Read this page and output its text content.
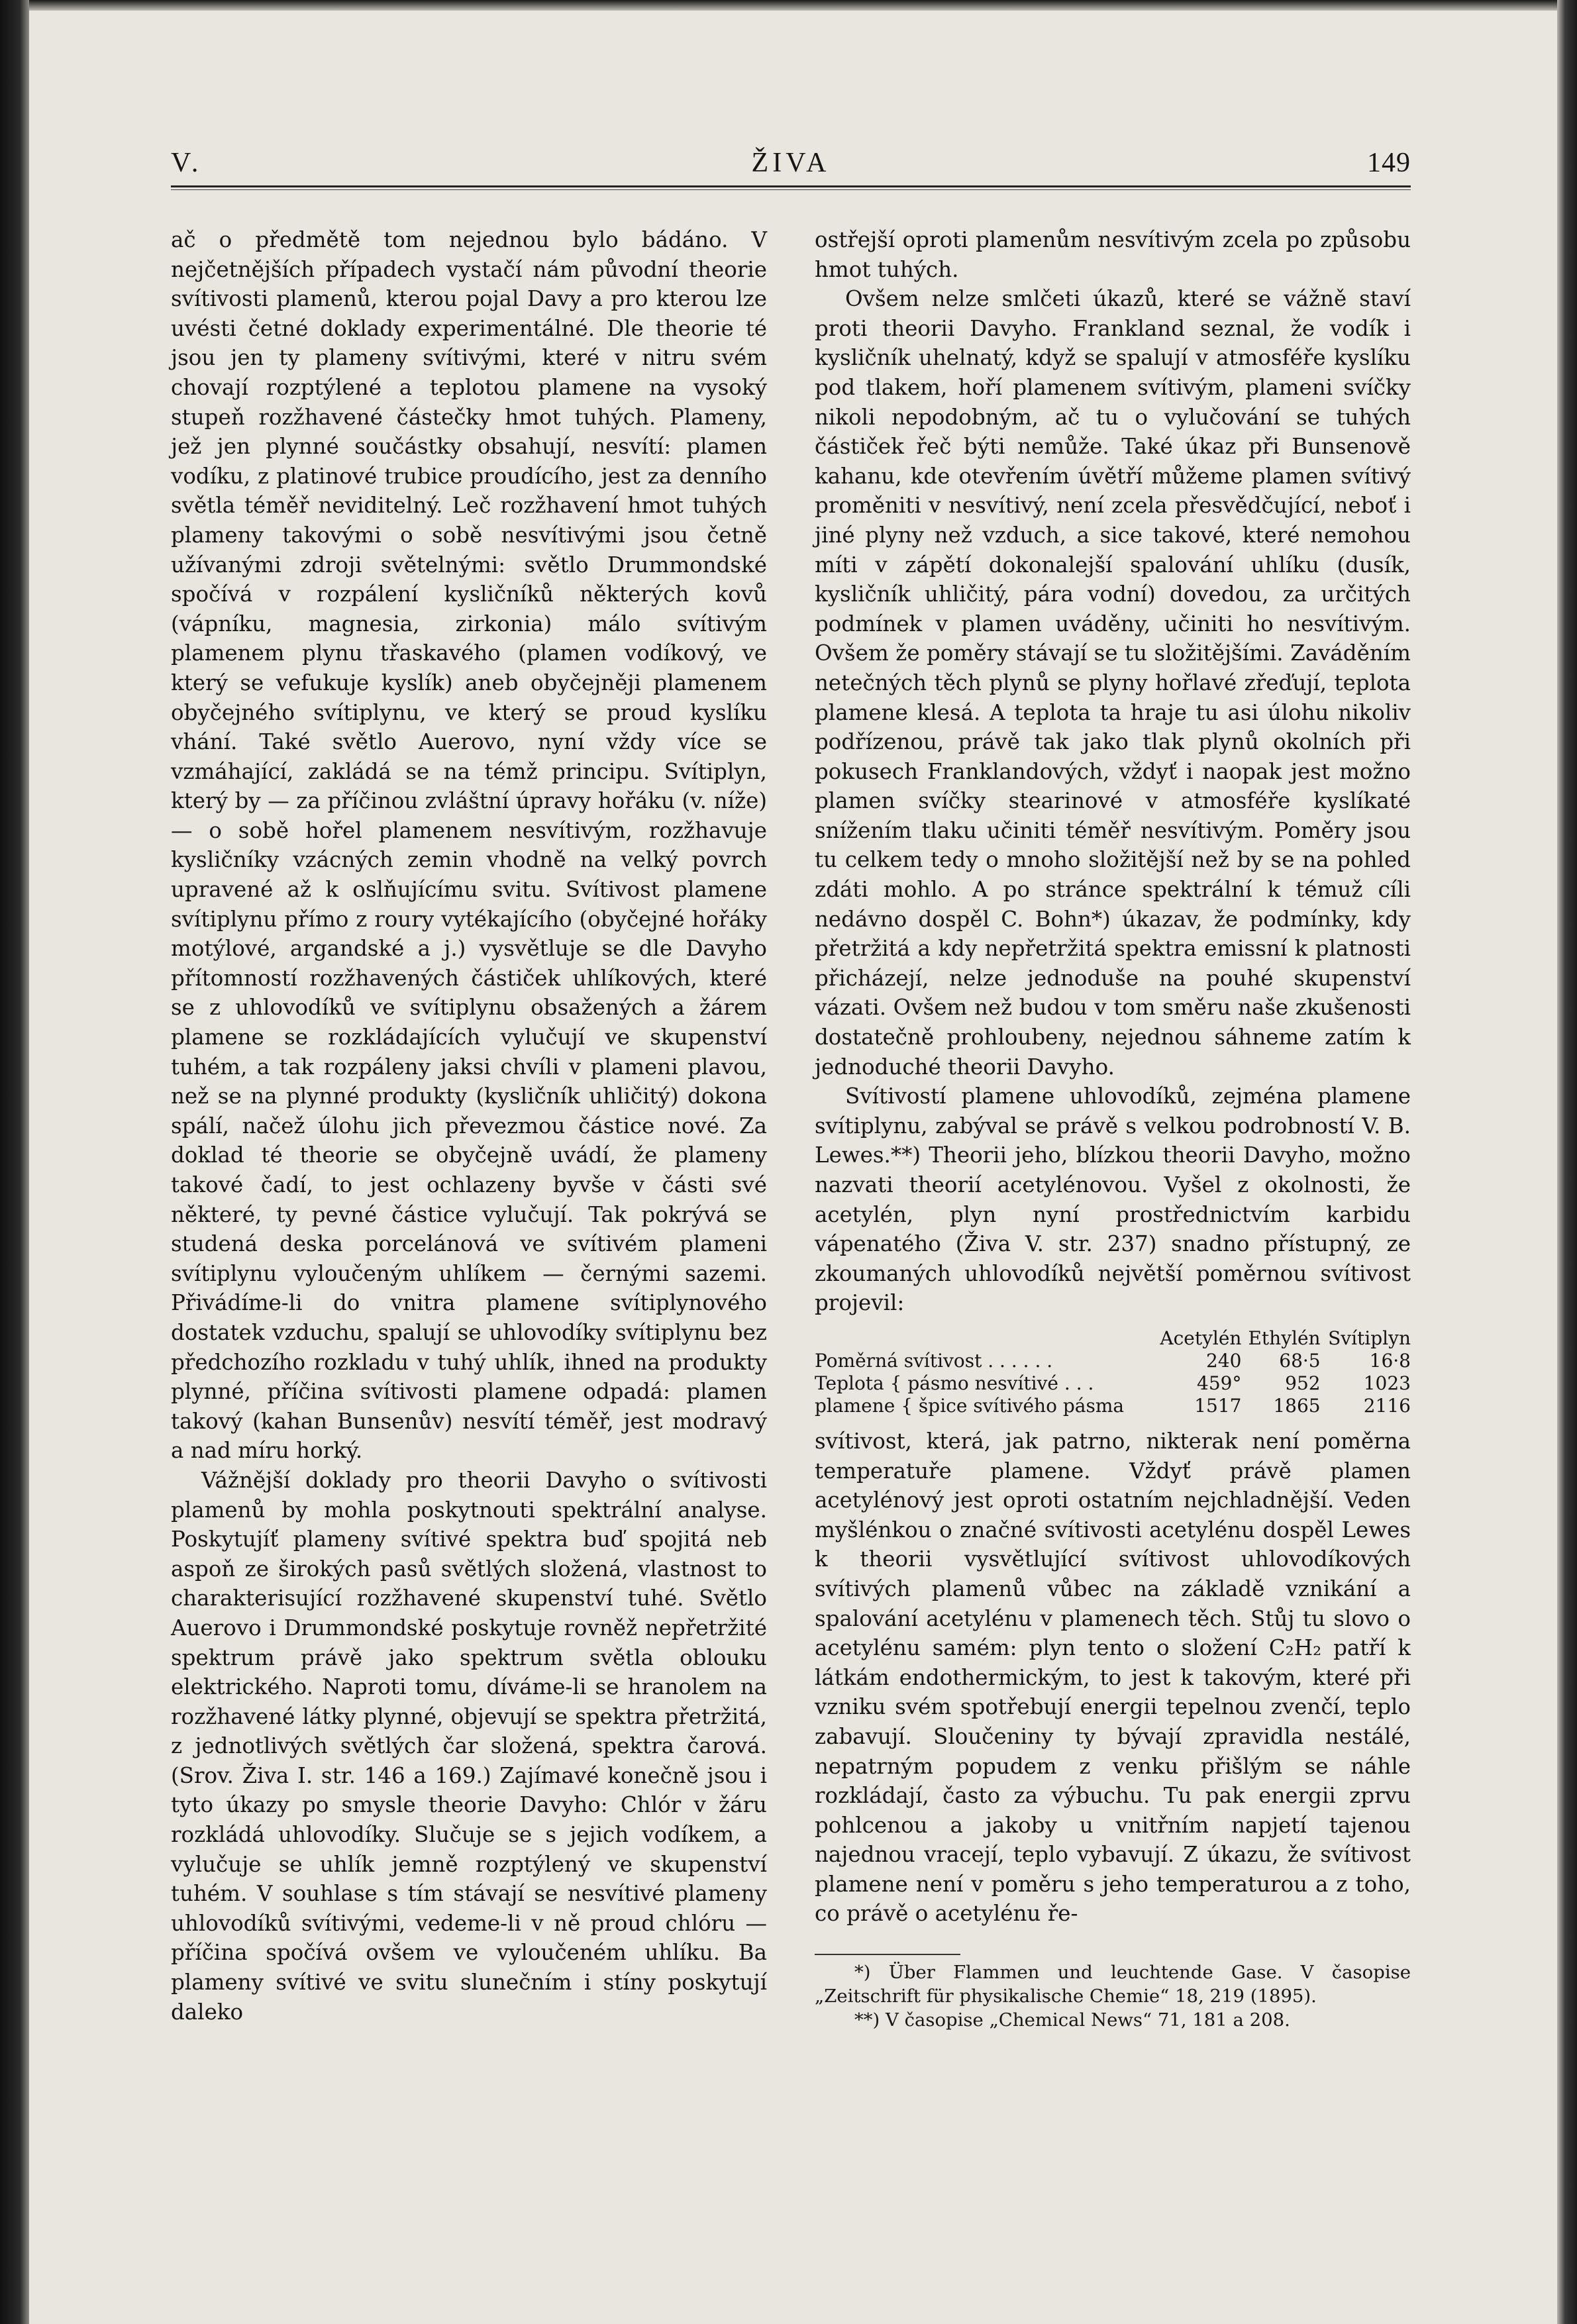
V.	ŽIVA	149

ač o předmětě tom nejednou bylo bádáno. V nejčetnějších případech vystačí nám původní theorie svítivosti plamenů, kterou pojal Davy a pro kterou lze uvésti četné doklady experimentálné. Dle theorie té jsou jen ty plameny svítivými, které v nitru svém chovají rozptýlené a teplotou plamene na vysoký stupeň rozžhavené částečky hmot tuhých. Plameny, jež jen plynné součástky obsahují, nesvítí: plamen vodíku, z platinové trubice proudícího, jest za denního světla téměř neviditelný. Leč rozžhavení hmot tuhých plameny takovými o sobě nesvítivými jsou četně užívanými zdroji světelnými: světlo Drummondské spočívá v rozpálení kysličníků některých kovů (vápníku, magnesia, zirkonia) málo svítivým plamenem plynu třaskavého (plamen vodíkový, ve který se vefukuje kyslík) aneb obyčejněji plamenem obyčejného svítiplynu, ve který se proud kyslíku vhání. Také světlo Auerovo, nyní vždy více se vzmáhající, zakládá se na témž principu. Svítiplyn, který by — za příčinou zvláštní úpravy hořáku (v. níže) — o sobě hořel plamenem nesvítivým, rozžhavuje kysličníky vzácných zemin vhodně na velký povrch upravené až k oslňujícímu svitu. Svítivost plamene svítiplynu přímo z roury vytékajícího (obyčejné hořáky motýlové, argandské a j.) vysvětluje se dle Davyho přítomností rozžhavených částiček uhlíkových, které se z uhlovodíků ve svítiplynu obsažených a žárem plamene se rozkládajících vylučují ve skupenství tuhém, a tak rozpáleny jaksi chvíli v plameni plavou, než se na plynné produkty (kysličník uhličitý) dokona spálí, načež úlohu jich převezmou částice nové. Za doklad té theorie se obyčejně uvádí, že plameny takové čadí, to jest ochlazeny byvše v části své některé, ty pevné částice vylučují. Tak pokrývá se studená deska porcelánová ve svítivém plameni svítiplynu vyloučeným uhlíkem — černými sazemi. Přivádíme-li do vnitra plamene svítiplynového dostatek vzduchu, spalují se uhlovodíky svítiplynu bez předchozího rozkladu v tuhý uhlík, ihned na produkty plynné, příčina svítivosti plamene odpadá: plamen takový (kahan Bunsenův) nesvítí téměř, jest modravý a nad míru horký.

Vážnější doklady pro theorii Davyho o svítivosti plamenů by mohla poskytnouti spektrální analyse. Poskytujíť plameny svítivé spektra buď spojitá neb aspoň ze širokých pasů světlých složená, vlastnost to charakterisující rozžhavené skupenství tuhé. Světlo Auerovo i Drummondské poskytuje rovněž nepřetržité spektrum právě jako spektrum světla oblouku elektrického. Naproti tomu, díváme-li se hranolem na rozžhavené látky plynné, objevují se spektra přetržitá, z jednotlivých světlých čar složená, spektra čarová. (Srov. Živa I. str. 146 a 169.) Zajímavé konečně jsou i tyto úkazy po smysle theorie Davyho: Chlór v žáru rozkládá uhlovodíky. Slučuje se s jejich vodíkem, a vylučuje se uhlík jemně rozptýlený ve skupenství tuhém. V souhlase s tím stávají se nesvítivé plameny uhlovodíků svítivými, vedeme-li v ně proud chlóru — příčina spočívá ovšem ve vyloučeném uhlíku. Ba plameny svítivé ve svitu slunečním i stíny poskytují daleko

ostřejší oproti plamenům nesvítivým zcela po způsobu hmot tuhých.

Ovšem nelze smlčeti úkazů, které se vážně staví proti theorii Davyho. Frankland seznal, že vodík i kysličník uhelnatý, když se spalují v atmosféře kyslíku pod tlakem, hoří plamenem svítivým, plameni svíčky nikoli nepodobným, ač tu o vylučování se tuhých částiček řeč býti nemůže. Také úkaz při Bunsenově kahanu, kde otevřením úvětří můžeme plamen svítivý proměniti v nesvítivý, není zcela přesvědčující, neboť i jiné plyny než vzduch, a sice takové, které nemohou míti v zápětí dokonalejší spalování uhlíku (dusík, kysličník uhličitý, pára vodní) dovedou, za určitých podmínek v plamen uváděny, učiniti ho nesvítivým. Ovšem že poměry stávají se tu složitějšími. Zaváděním netečných těch plynů se plyny hořlavé zřeďují, teplota plamene klesá. A teplota ta hraje tu asi úlohu nikoliv podřízenou, právě tak jako tlak plynů okolních při pokusech Franklandových, vždyť i naopak jest možno plamen svíčky stearinové v atmosféře kyslíkaté snížením tlaku učiniti téměř nesvítivým. Poměry jsou tu celkem tedy o mnoho složitější než by se na pohled zdáti mohlo. A po stránce spektrální k témuž cíli nedávno dospěl C. Bohn*) úkazav, že podmínky, kdy přetržitá a kdy nepřetržitá spektra emissní k platnosti přicházejí, nelze jednoduše na pouhé skupenství vázati. Ovšem než budou v tom směru naše zkušenosti dostatečně prohloubeny, nejednou sáhneme zatím k jednoduché theorii Davyho.

Svítivostí plamene uhlovodíků, zejména plamene svítiplynu, zabýval se právě s velkou podrobností V. B. Lewes.**) Theorii jeho, blízkou theorii Davyho, možno nazvati theorií acetylénovou. Vyšel z okolnosti, že acetylén, plyn nyní prostřednictvím karbidu vápenatého (Živa V. str. 237) snadno přístupný, ze zkoumaných uhlovodíků největší poměrnou svítivost projevil:

	Acetylén	Ethylén	Svítiplyn
Poměrná svítivost . . . . . .	240	68·5	16·8
Teplota { pásmo nesvítivé . . .	459°	952	1023
plamene { špice svítivého pásma	1517	1865	2116

svítivost, která, jak patrno, nikterak není poměrna temperatuře plamene. Vždyť právě plamen acetylénový jest oproti ostatním nejchladnější. Veden myšlénkou o značné svítivosti acetylénu dospěl Lewes k theorii vysvětlující svítivost uhlovodíkových svítivých plamenů vůbec na základě vznikání a spalování acetylénu v plamenech těch. Stůj tu slovo o acetylénu samém: plyn tento o složení C₂H₂ patří k látkám endothermickým, to jest k takovým, které při vzniku svém spotřebují energii tepelnou zvenčí, teplo zabavují. Sloučeniny ty bývají zpravidla nestálé, nepatrným popudem z venku přišlým se náhle rozkládají, často za výbuchu. Tu pak energii zprvu pohlcenou a jakoby u vnitřním napjetí tajenou najednou vracejí, teplo vybavují. Z úkazu, že svítivost plamene není v poměru s jeho temperaturou a z toho, co právě o acetylénu ře-

*) Über Flammen und leuchtende Gase. V časopise „Zeitschrift für physikalische Chemie“ 18, 219 (1895).
**) V časopise „Chemical News“ 71, 181 a 208.
